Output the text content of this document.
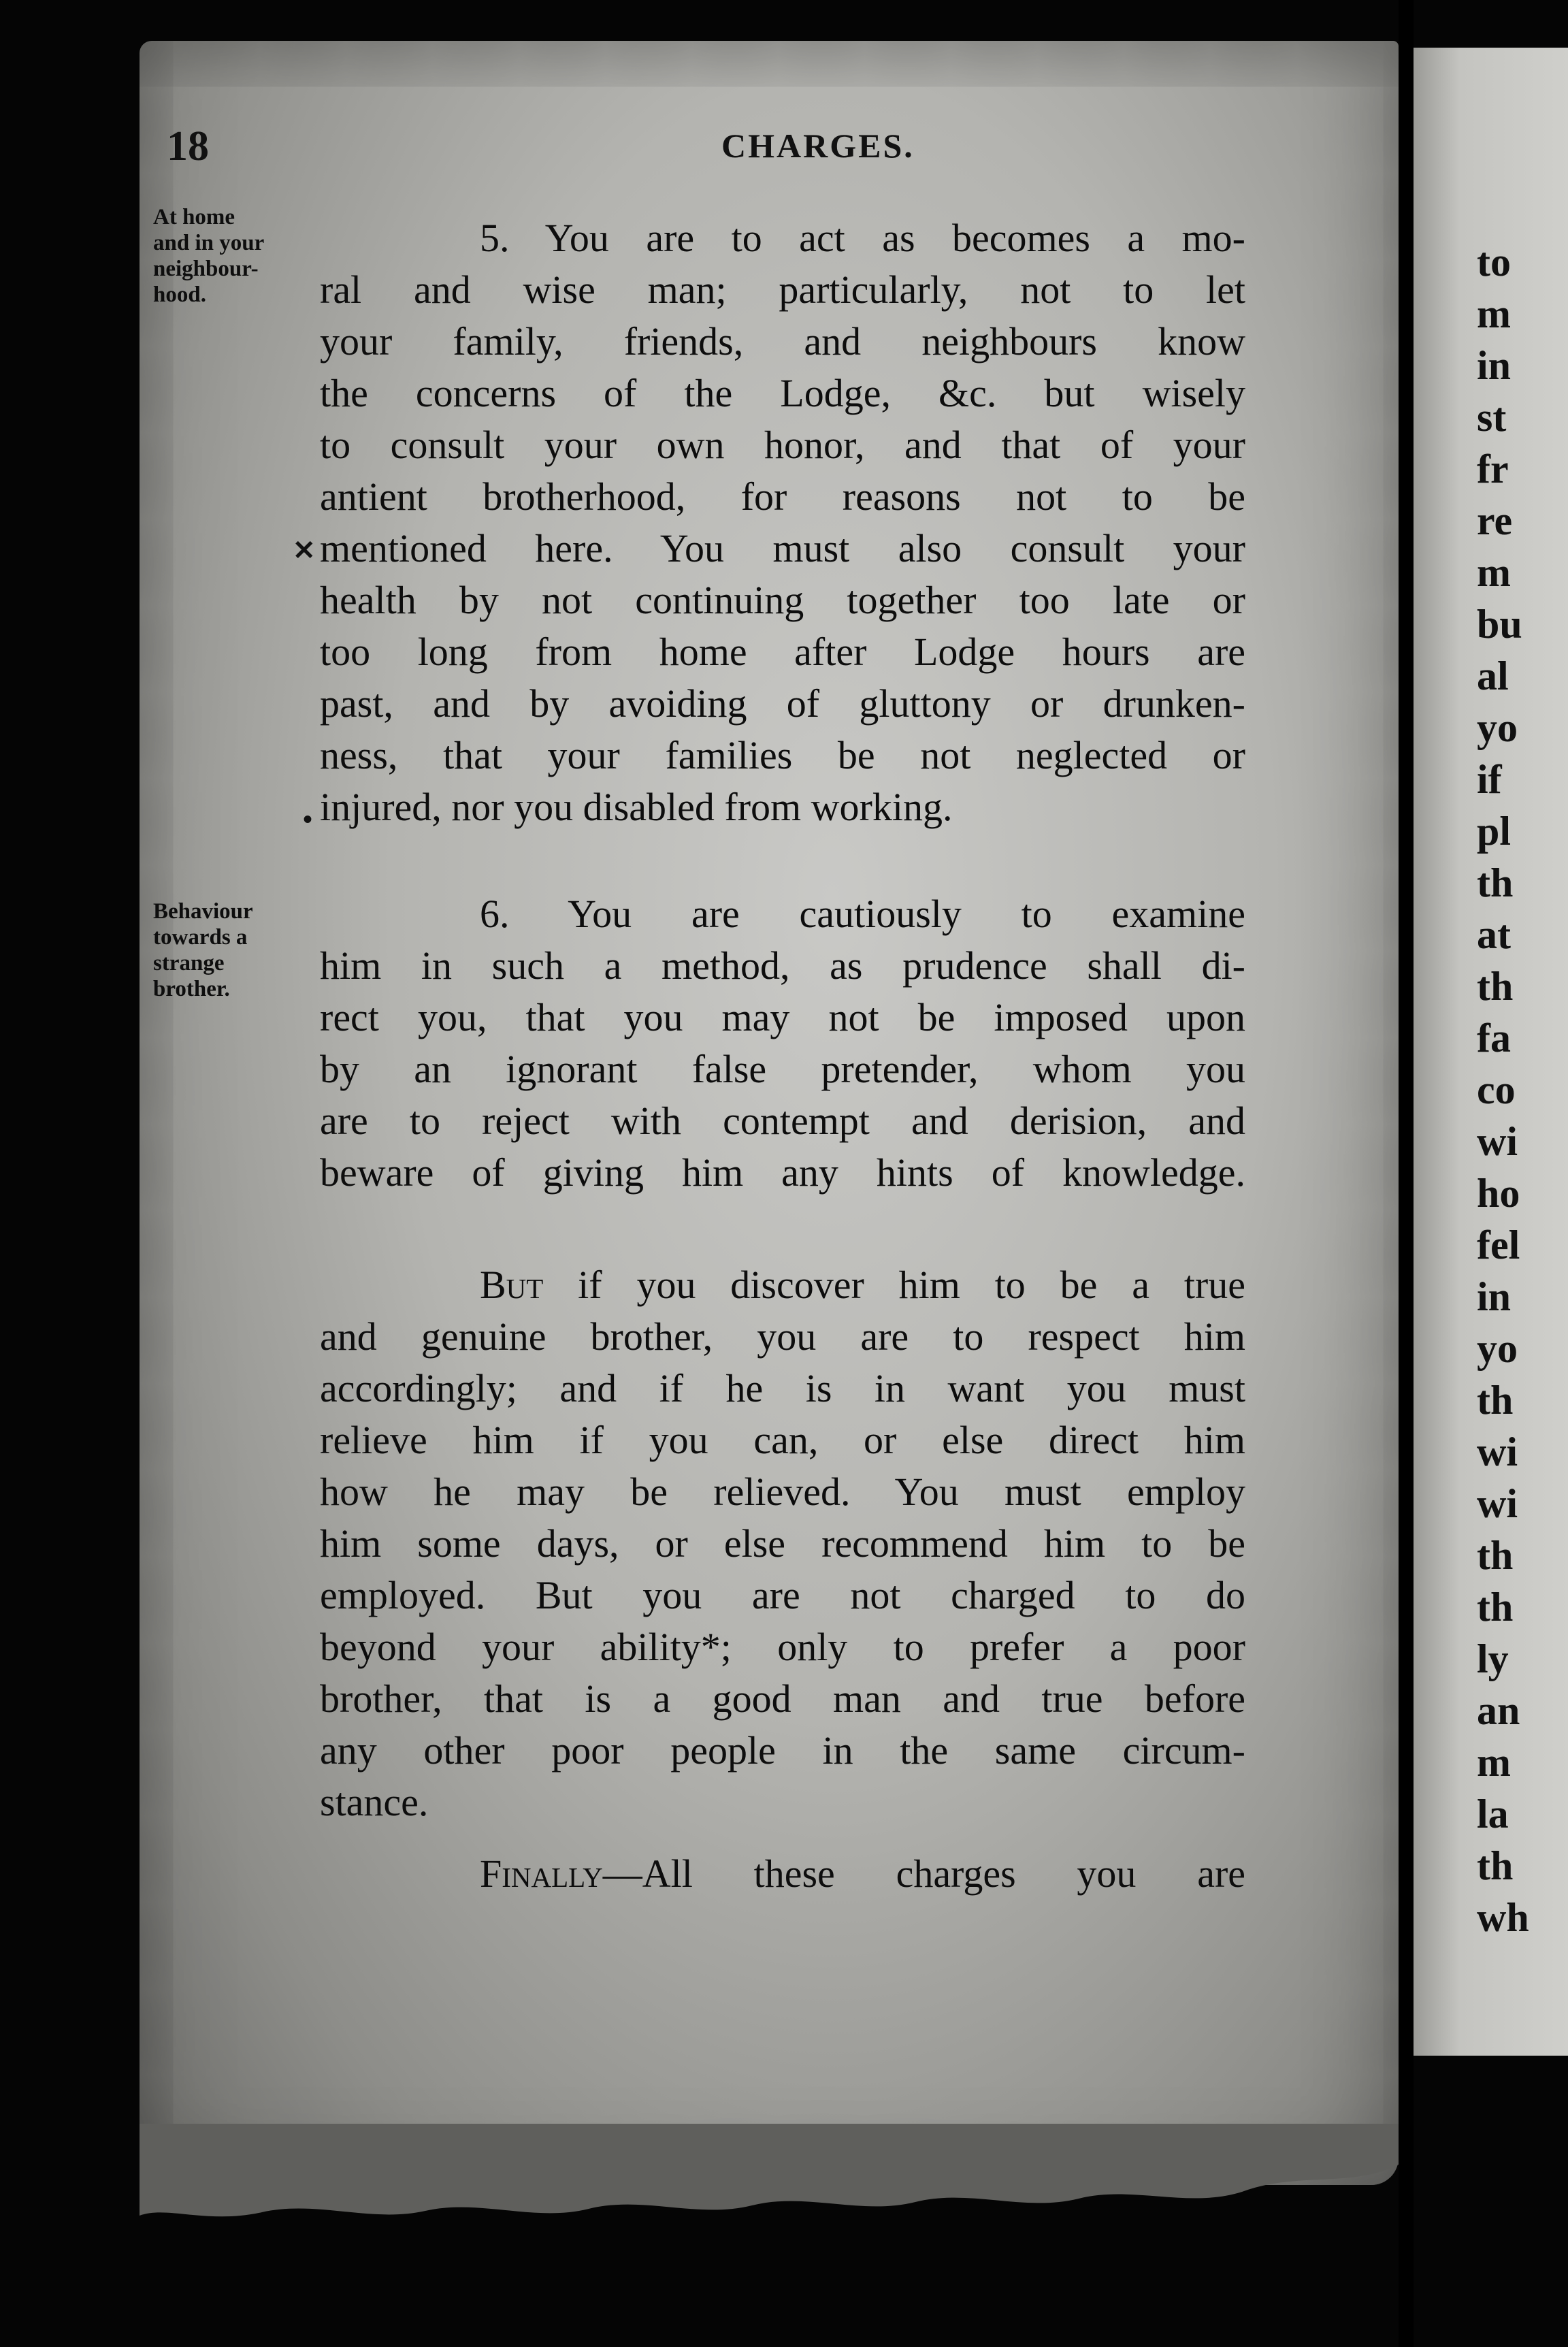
18	CHARGES.
At home
and in your
neighbour-
hood.
Behaviour
towards a
strange
brother.
5. You are to act as becomes a mo-
ral and wise man; particularly, not to let
your family, friends, and neighbours know
the concerns of the Lodge, &c. but wisely
to consult your own honor, and that of your
antient brotherhood, for reasons not to be
mentioned here. You must also consult your
health by not continuing together too late or
too long from home after Lodge hours are
past, and by avoiding of gluttony or drunken-
ness, that your families be not neglected or
injured, nor you disabled from working.
6. You are cautiously to examine
him in such a method, as prudence shall di-
rect you, that you may not be imposed upon
by an ignorant false pretender, whom you
are to reject with contempt and derision, and
beware of giving him any hints of knowledge.
But if you discover him to be a true
and genuine brother, you are to respect him
accordingly; and if he is in want you must
relieve him if you can, or else direct him
how he may be relieved. You must employ
him some days, or else recommend him to be
employed. But you are not charged to do
beyond your ability*; only to prefer a poor
brother, that is a good man and true before
any other poor people in the same circum-
stance.
Finally—All these charges you are
✕
•
to
m
in
st
fr
re
m
bu
al
yo
if
pl
th
at
th
fa
co
wi
ho
fel
in
yo
th
wi
wi
th
th
ly
an
m
la
th
wh
